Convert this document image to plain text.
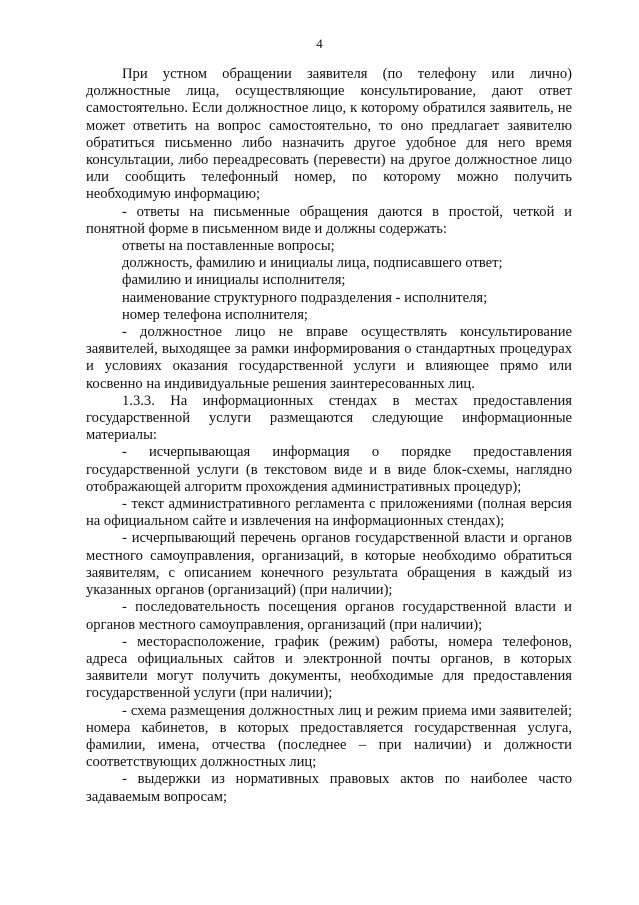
4

При устном обращении заявителя (по телефону или лично) должностные лица, осуществляющие консультирование, дают ответ самостоятельно. Если должностное лицо, к которому обратился заявитель, не может ответить на вопрос самостоятельно, то оно предлагает заявителю обратиться письменно либо назначить другое удобное для него время консультации, либо переадресовать (перевести) на другое должностное лицо или сообщить телефонный номер, по которому можно получить необходимую информацию;

- ответы на письменные обращения даются в простой, четкой и понятной форме в письменном виде и должны содержать:

ответы на поставленные вопросы;

должность, фамилию и инициалы лица, подписавшего ответ;

фамилию и инициалы исполнителя;

наименование структурного подразделения - исполнителя;

номер телефона исполнителя;

- должностное лицо не вправе осуществлять консультирование заявителей, выходящее за рамки информирования о стандартных процедурах и условиях оказания государственной услуги и влияющее прямо или косвенно на индивидуальные решения заинтересованных лиц.

1.3.3. На информационных стендах в местах предоставления государственной услуги размещаются следующие информационные материалы:

- исчерпывающая информация о порядке предоставления государственной услуги (в текстовом виде и в виде блок-схемы, наглядно отображающей алгоритм прохождения административных процедур);

- текст административного регламента с приложениями (полная версия на официальном сайте и извлечения на информационных стендах);

- исчерпывающий перечень органов государственной власти и органов местного самоуправления, организаций, в которые необходимо обратиться заявителям, с описанием конечного результата обращения в каждый из указанных органов (организаций) (при наличии);

- последовательность посещения органов государственной власти и органов местного самоуправления, организаций (при наличии);

- месторасположение, график (режим) работы, номера телефонов, адреса официальных сайтов и электронной почты органов, в которых заявители могут получить документы, необходимые для предоставления государственной услуги (при наличии);

- схема размещения должностных лиц и режим приема ими заявителей; номера кабинетов, в которых предоставляется государственная услуга, фамилии, имена, отчества (последнее – при наличии) и должности соответствующих должностных лиц;

- выдержки из нормативных правовых актов по наиболее часто задаваемым вопросам;
